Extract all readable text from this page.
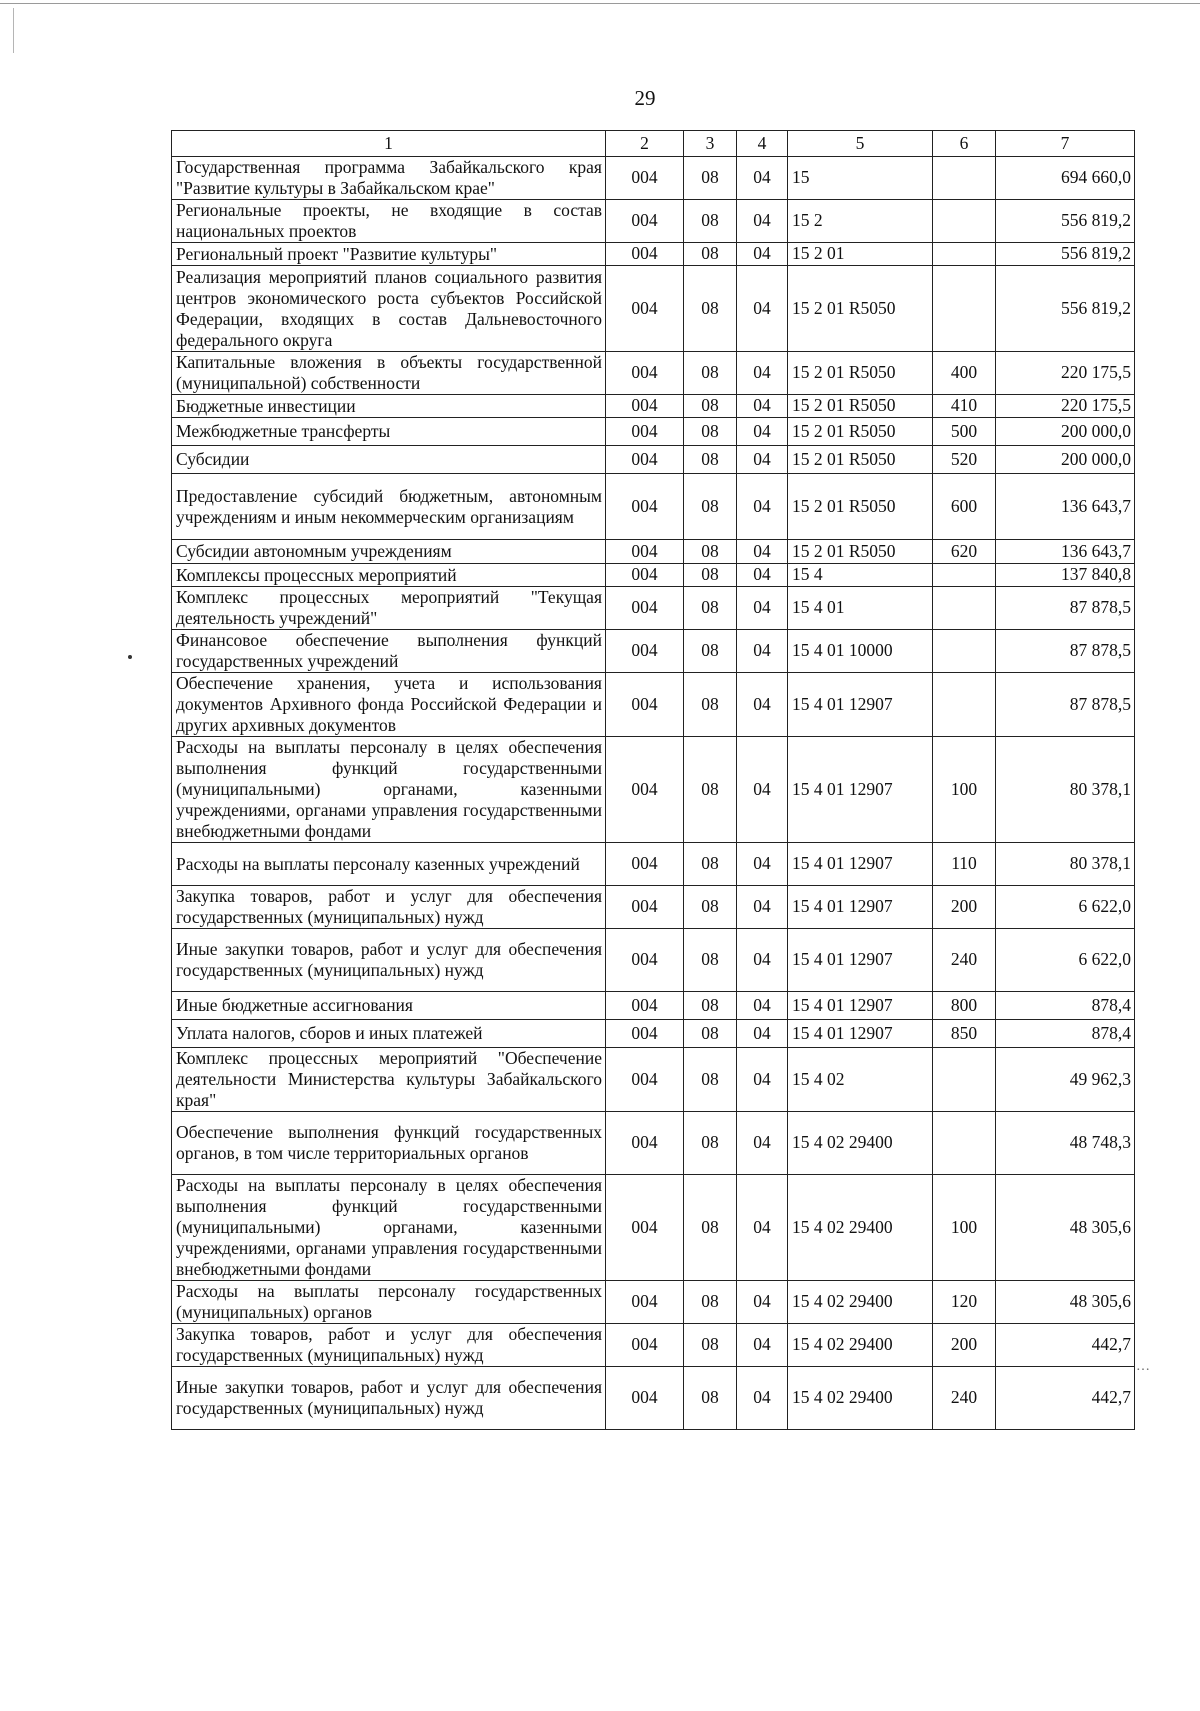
29
1	2	3	4	5	6	7
Государственная программа Забайкальского края "Развитие культуры в Забайкальском крае"	004	08	04	15		694 660,0
Региональные проекты, не входящие в состав национальных проектов	004	08	04	15 2		556 819,2
Региональный проект "Развитие культуры"	004	08	04	15 2 01		556 819,2
Реализация мероприятий планов социального развития центров экономического роста субъектов Российской Федерации, входящих в состав Дальневосточного федерального округа	004	08	04	15 2 01 R5050		556 819,2
Капитальные вложения в объекты государственной (муниципальной) собственности	004	08	04	15 2 01 R5050	400	220 175,5
Бюджетные инвестиции	004	08	04	15 2 01 R5050	410	220 175,5
Межбюджетные трансферты	004	08	04	15 2 01 R5050	500	200 000,0
Субсидии	004	08	04	15 2 01 R5050	520	200 000,0
Предоставление субсидий бюджетным, автономным учреждениям и иным некоммерческим организациям	004	08	04	15 2 01 R5050	600	136 643,7
Субсидии автономным учреждениям	004	08	04	15 2 01 R5050	620	136 643,7
Комплексы процессных мероприятий	004	08	04	15 4		137 840,8
Комплекс процессных мероприятий "Текущая деятельность учреждений"	004	08	04	15 4 01		87 878,5
Финансовое обеспечение выполнения функций государственных учреждений	004	08	04	15 4 01 10000		87 878,5
Обеспечение хранения, учета и использования документов Архивного фонда Российской Федерации и других архивных документов	004	08	04	15 4 01 12907		87 878,5
Расходы на выплаты персоналу в целях обеспечения выполнения функций государственными (муниципальными) органами, казенными учреждениями, органами управления государственными внебюджетными фондами	004	08	04	15 4 01 12907	100	80 378,1
Расходы на выплаты персоналу казенных учреждений	004	08	04	15 4 01 12907	110	80 378,1
Закупка товаров, работ и услуг для обеспечения государственных (муниципальных) нужд	004	08	04	15 4 01 12907	200	6 622,0
Иные закупки товаров, работ и услуг для обеспечения государственных (муниципальных) нужд	004	08	04	15 4 01 12907	240	6 622,0
Иные бюджетные ассигнования	004	08	04	15 4 01 12907	800	878,4
Уплата налогов, сборов и иных платежей	004	08	04	15 4 01 12907	850	878,4
Комплекс процессных мероприятий "Обеспечение деятельности Министерства культуры Забайкальского края"	004	08	04	15 4 02		49 962,3
Обеспечение выполнения функций государственных органов, в том числе территориальных органов	004	08	04	15 4 02 29400		48 748,3
Расходы на выплаты персоналу в целях обеспечения выполнения функций государственными (муниципальными) органами, казенными учреждениями, органами управления государственными внебюджетными фондами	004	08	04	15 4 02 29400	100	48 305,6
Расходы на выплаты персоналу государственных (муниципальных) органов	004	08	04	15 4 02 29400	120	48 305,6
Закупка товаров, работ и услуг для обеспечения государственных (муниципальных) нужд	004	08	04	15 4 02 29400	200	442,7
Иные закупки товаров, работ и услуг для обеспечения государственных (муниципальных) нужд	004	08	04	15 4 02 29400	240	442,7
…
